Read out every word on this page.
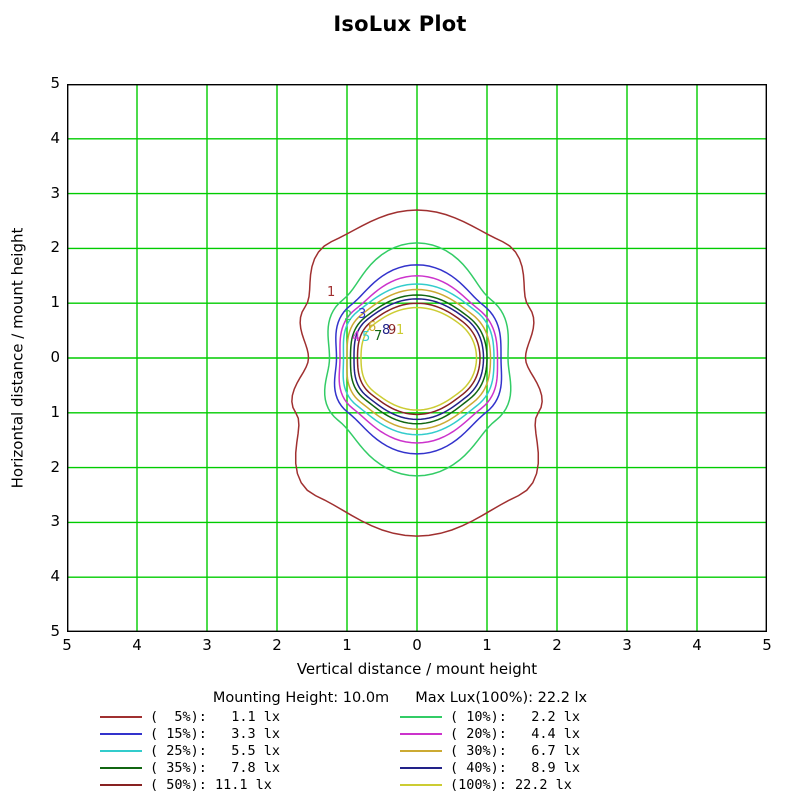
IsoLux Plot
Horizontal distance / mount height	1
2 3
4 5
6
7 8
9 1
5	4	3	2	1	0	1	2	3	4	5
5
4
3
2
1
0
1
2
3
4
5
Vertical distance / mount height
Mounting Height: 10.0m Max Lux(100%): 22.2 lx
(  5%):   1.1 lx	( 10%):   2.2 lx
( 15%):   3.3 lx	( 20%):   4.4 lx
( 25%):   5.5 lx	( 30%):   6.7 lx
( 35%):   7.8 lx	( 40%):   8.9 lx
( 50%): 11.1 lx	(100%): 22.2 lx
